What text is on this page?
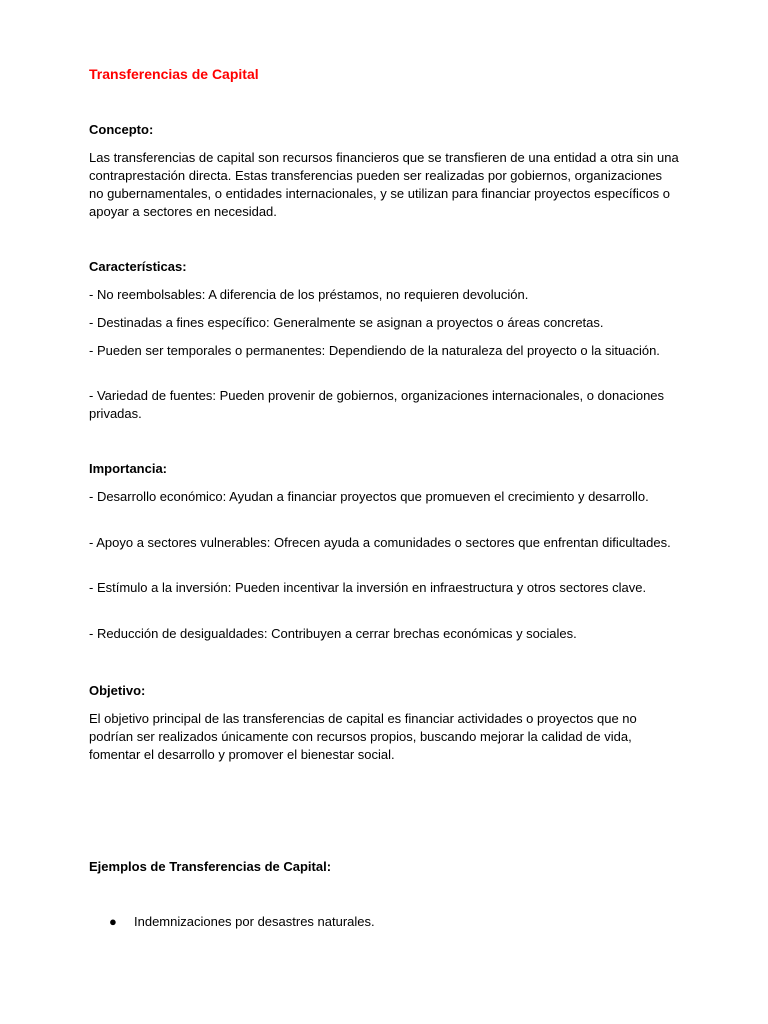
Transferencias de Capital
Concepto:
Las transferencias de capital son recursos financieros que se transfieren de una entidad a otra sin una contraprestación directa. Estas transferencias pueden ser realizadas por gobiernos, organizaciones no gubernamentales, o entidades internacionales, y se utilizan para financiar proyectos específicos o apoyar a sectores en necesidad.
Características:
- No reembolsables: A diferencia de los préstamos, no requieren devolución.
- Destinadas a fines específico: Generalmente se asignan a proyectos o áreas concretas.
- Pueden ser temporales o permanentes: Dependiendo de la naturaleza del proyecto o la situación.
- Variedad de fuentes: Pueden provenir de gobiernos, organizaciones internacionales, o donaciones privadas.
Importancia:
- Desarrollo económico: Ayudan a financiar proyectos que promueven el crecimiento y desarrollo.
- Apoyo a sectores vulnerables: Ofrecen ayuda a comunidades o sectores que enfrentan dificultades.
- Estímulo a la inversión: Pueden incentivar la inversión en infraestructura y otros sectores clave.
- Reducción de desigualdades: Contribuyen a cerrar brechas económicas y sociales.
Objetivo:
El objetivo principal de las transferencias de capital es financiar actividades o proyectos que no podrían ser realizados únicamente con recursos propios, buscando mejorar la calidad de vida, fomentar el desarrollo y promover el bienestar social.
Ejemplos de Transferencias de Capital:
● Indemnizaciones por desastres naturales.
